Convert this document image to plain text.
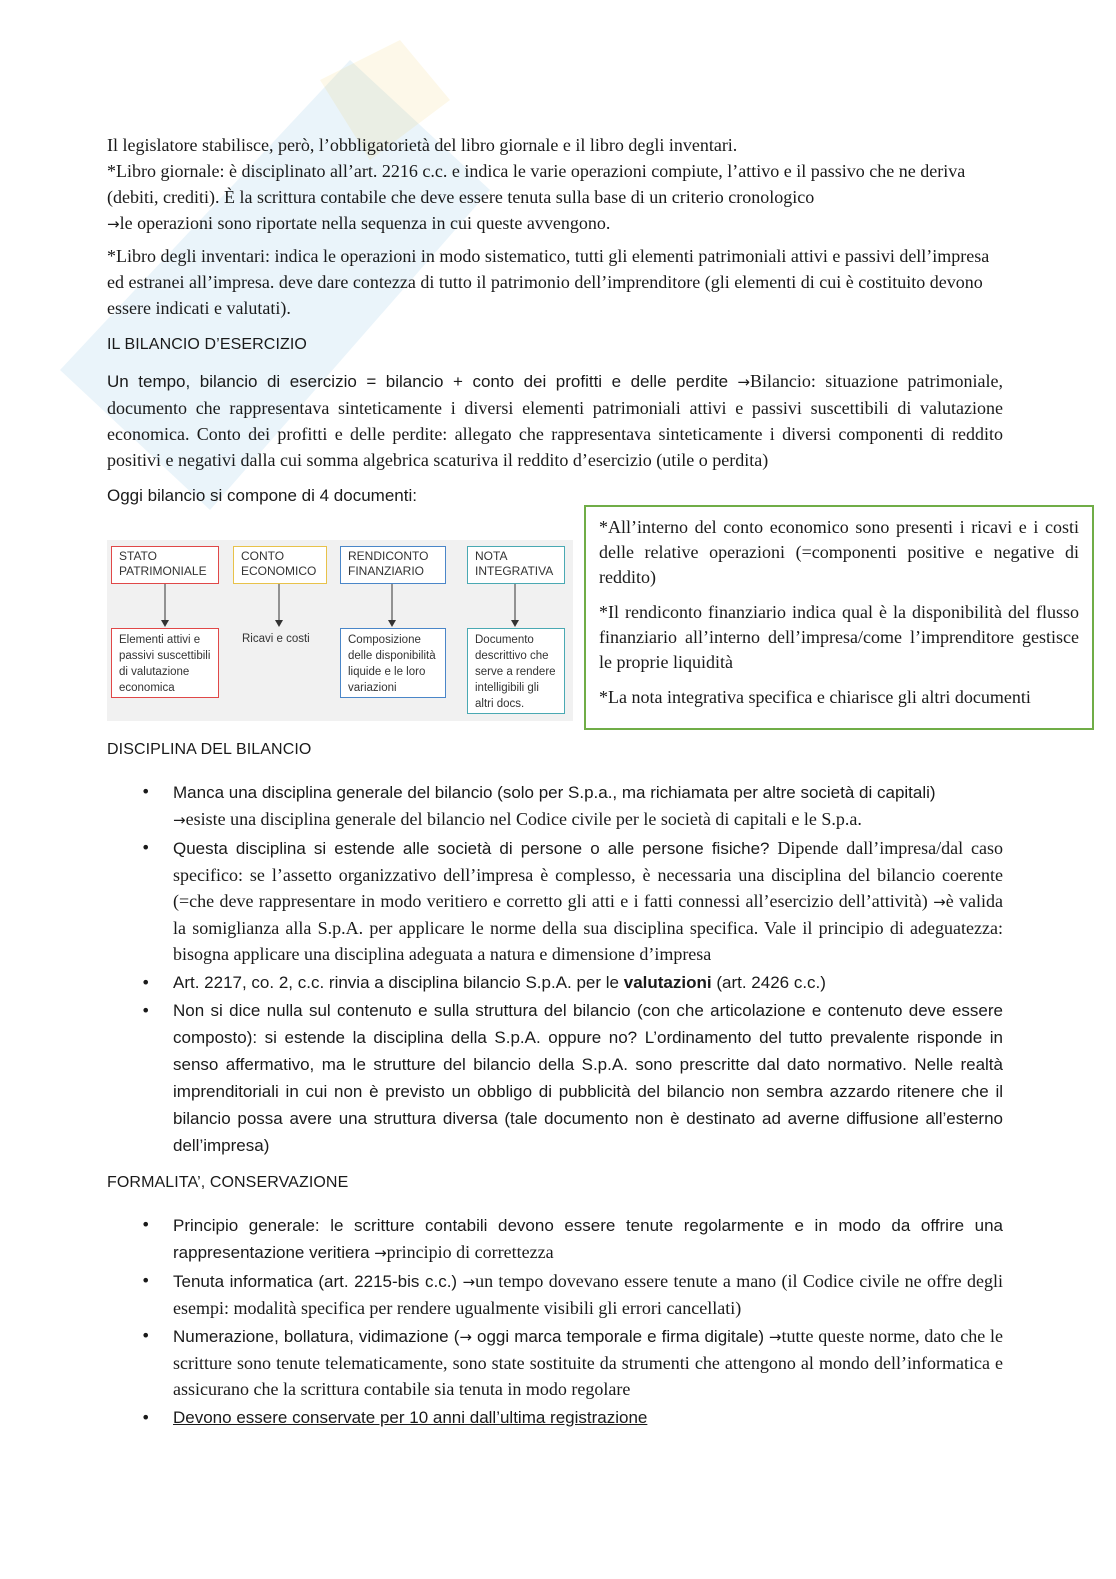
Il legislatore stabilisce, però, l’obbligatorietà del libro giornale e il libro degli inventari.

*Libro giornale: è disciplinato all’art. 2216 c.c. e indica le varie operazioni compiute, l’attivo e il passivo che ne deriva (debiti, crediti). È la scrittura contabile che deve essere tenuta sulla base di un criterio cronologico
→le operazioni sono riportate nella sequenza in cui queste avvengono.

*Libro degli inventari: indica le operazioni in modo sistematico, tutti gli elementi patrimoniali attivi e passivi dell’impresa ed estranei all’impresa. deve dare contezza di tutto il patrimonio dell’imprenditore (gli elementi di cui è costituito devono essere indicati e valutati).

IL BILANCIO D’ESERCIZIO

Un tempo, bilancio di esercizio = bilancio + conto dei profitti e delle perdite →Bilancio: situazione patrimoniale, documento che rappresentava sinteticamente i diversi elementi patrimoniali attivi e passivi suscettibili di valutazione economica. Conto dei profitti e delle perdite: allegato che rappresentava sinteticamente i diversi componenti di reddito positivi e negativi dalla cui somma algebrica scaturiva il reddito d’esercizio (utile o perdita)

Oggi bilancio si compone di 4 documenti:

STATO PATRIMONIALE
CONTO ECONOMICO
RENDICONTO FINANZIARIO
NOTA INTEGRATIVA
Elementi attivi e passivi suscettibili di valutazione economica
Ricavi e costi	Composizione delle disponibilità liquide e le loro variazioni
Documento descrittivo che serve a rendere intelligibili gli altri docs.

*All’interno del conto economico sono presenti i ricavi e i costi delle relative operazioni (=componenti positive e negative di reddito)

*Il rendiconto finanziario indica qual è la disponibilità del flusso finanziario all’interno dell’impresa/come l’imprenditore gestisce le proprie liquidità

*La nota integrativa specifica e chiarisce gli altri documenti

DISCIPLINA DEL BILANCIO

• Manca una disciplina generale del bilancio (solo per S.p.a., ma richiamata per altre società di capitali)
→esiste una disciplina generale del bilancio nel Codice civile per le società di capitali e le S.p.a.
• Questa disciplina si estende alle società di persone o alle persone fisiche? Dipende dall’impresa/dal caso specifico: se l’assetto organizzativo dell’impresa è complesso, è necessaria una disciplina del bilancio coerente (=che deve rappresentare in modo veritiero e corretto gli atti e i fatti connessi all’esercizio dell’attività) →è valida la somiglianza alla S.p.A. per applicare le norme della sua disciplina specifica. Vale il principio di adeguatezza: bisogna applicare una disciplina adeguata a natura e dimensione d’impresa
• Art. 2217, co. 2, c.c. rinvia a disciplina bilancio S.p.A. per le valutazioni (art. 2426 c.c.)
• Non si dice nulla sul contenuto e sulla struttura del bilancio (con che articolazione e contenuto deve essere composto): si estende la disciplina della S.p.A. oppure no? L’ordinamento del tutto prevalente risponde in senso affermativo, ma le strutture del bilancio della S.p.A. sono prescritte dal dato normativo. Nelle realtà imprenditoriali in cui non è previsto un obbligo di pubblicità del bilancio non sembra azzardo ritenere che il bilancio possa avere una struttura diversa (tale documento non è destinato ad averne diffusione all’esterno dell’impresa)

FORMALITA’, CONSERVAZIONE

• Principio generale: le scritture contabili devono essere tenute regolarmente e in modo da offrire una rappresentazione veritiera →principio di correttezza
• Tenuta informatica (art. 2215-bis c.c.) →un tempo dovevano essere tenute a mano (il Codice civile ne offre degli esempi: modalità specifica per rendere ugualmente visibili gli errori cancellati)
• Numerazione, bollatura, vidimazione (→ oggi marca temporale e firma digitale) →tutte queste norme, dato che le scritture sono tenute telematicamente, sono state sostituite da strumenti che attengono al mondo dell’informatica e assicurano che la scrittura contabile sia tenuta in modo regolare
• Devono essere conservate per 10 anni dall’ultima registrazione
